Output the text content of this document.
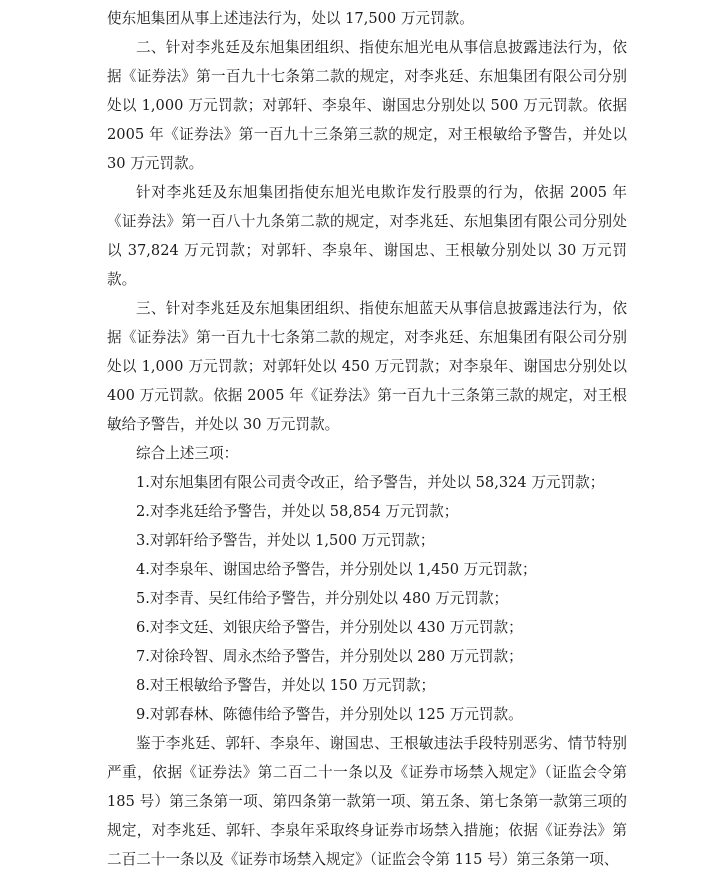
使东旭集团从事上述违法行为，处以 17,500 万元罚款。

二、针对李兆廷及东旭集团组织、指使东旭光电从事信息披露违法行为，依据《证券法》第一百九十七条第二款的规定，对李兆廷、东旭集团有限公司分别处以 1,000 万元罚款；对郭轩、李泉年、谢国忠分别处以 500 万元罚款。依据 2005 年《证券法》第一百九十三条第三款的规定，对王根敏给予警告，并处以 30 万元罚款。

针对李兆廷及东旭集团指使东旭光电欺诈发行股票的行为，依据 2005 年《证券法》第一百八十九条第二款的规定，对李兆廷、东旭集团有限公司分别处以 37,824 万元罚款；对郭轩、李泉年、谢国忠、王根敏分别处以 30 万元罚款。

三、针对李兆廷及东旭集团组织、指使东旭蓝天从事信息披露违法行为，依据《证券法》第一百九十七条第二款的规定，对李兆廷、东旭集团有限公司分别处以 1,000 万元罚款；对郭轩处以 450 万元罚款；对李泉年、谢国忠分别处以 400 万元罚款。依据 2005 年《证券法》第一百九十三条第三款的规定，对王根敏给予警告，并处以 30 万元罚款。

综合上述三项：

1.对东旭集团有限公司责令改正，给予警告，并处以 58,324 万元罚款；

2.对李兆廷给予警告，并处以 58,854 万元罚款；

3.对郭轩给予警告，并处以 1,500 万元罚款；

4.对李泉年、谢国忠给予警告，并分别处以 1,450 万元罚款；

5.对李青、吴红伟给予警告，并分别处以 480 万元罚款；

6.对李文廷、刘银庆给予警告，并分别处以 430 万元罚款；

7.对徐玲智、周永杰给予警告，并分别处以 280 万元罚款；

8.对王根敏给予警告，并处以 150 万元罚款；

9.对郭春林、陈德伟给予警告，并分别处以 125 万元罚款。

鉴于李兆廷、郭轩、李泉年、谢国忠、王根敏违法手段特别恶劣、情节特别严重，依据《证券法》第二百二十一条以及《证券市场禁入规定》（证监会令第 185 号）第三条第一项、第四条第一款第一项、第五条、第七条第一款第三项的规定，对李兆廷、郭轩、李泉年采取终身证券市场禁入措施；依据《证券法》第二百二十一条以及《证券市场禁入规定》（证监会令第 115 号）第三条第一项、
